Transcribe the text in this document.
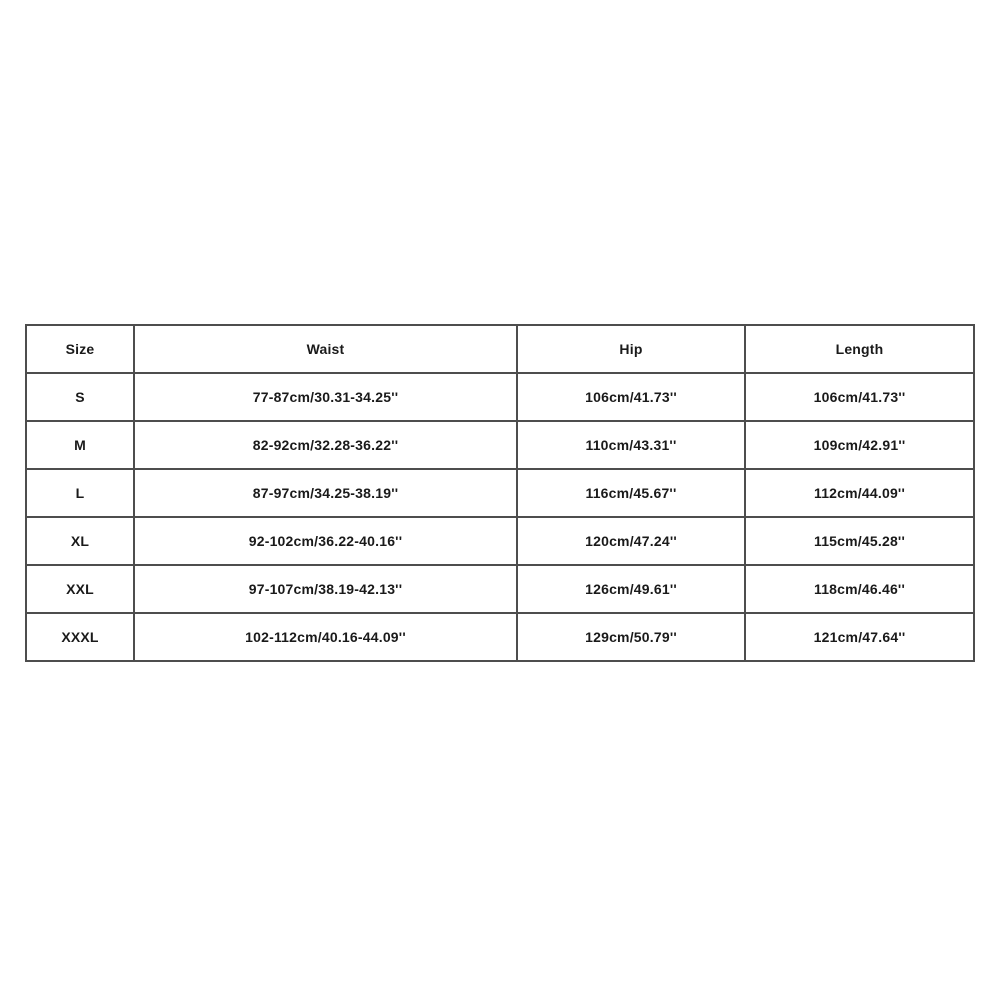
Size	Waist	Hip	Length
S	77-87cm/30.31-34.25''	106cm/41.73''	106cm/41.73''
M	82-92cm/32.28-36.22''	110cm/43.31''	109cm/42.91''
L	87-97cm/34.25-38.19''	116cm/45.67''	112cm/44.09''
XL	92-102cm/36.22-40.16''	120cm/47.24''	115cm/45.28''
XXL	97-107cm/38.19-42.13''	126cm/49.61''	118cm/46.46''
XXXL	102-112cm/40.16-44.09''	129cm/50.79''	121cm/47.64''
